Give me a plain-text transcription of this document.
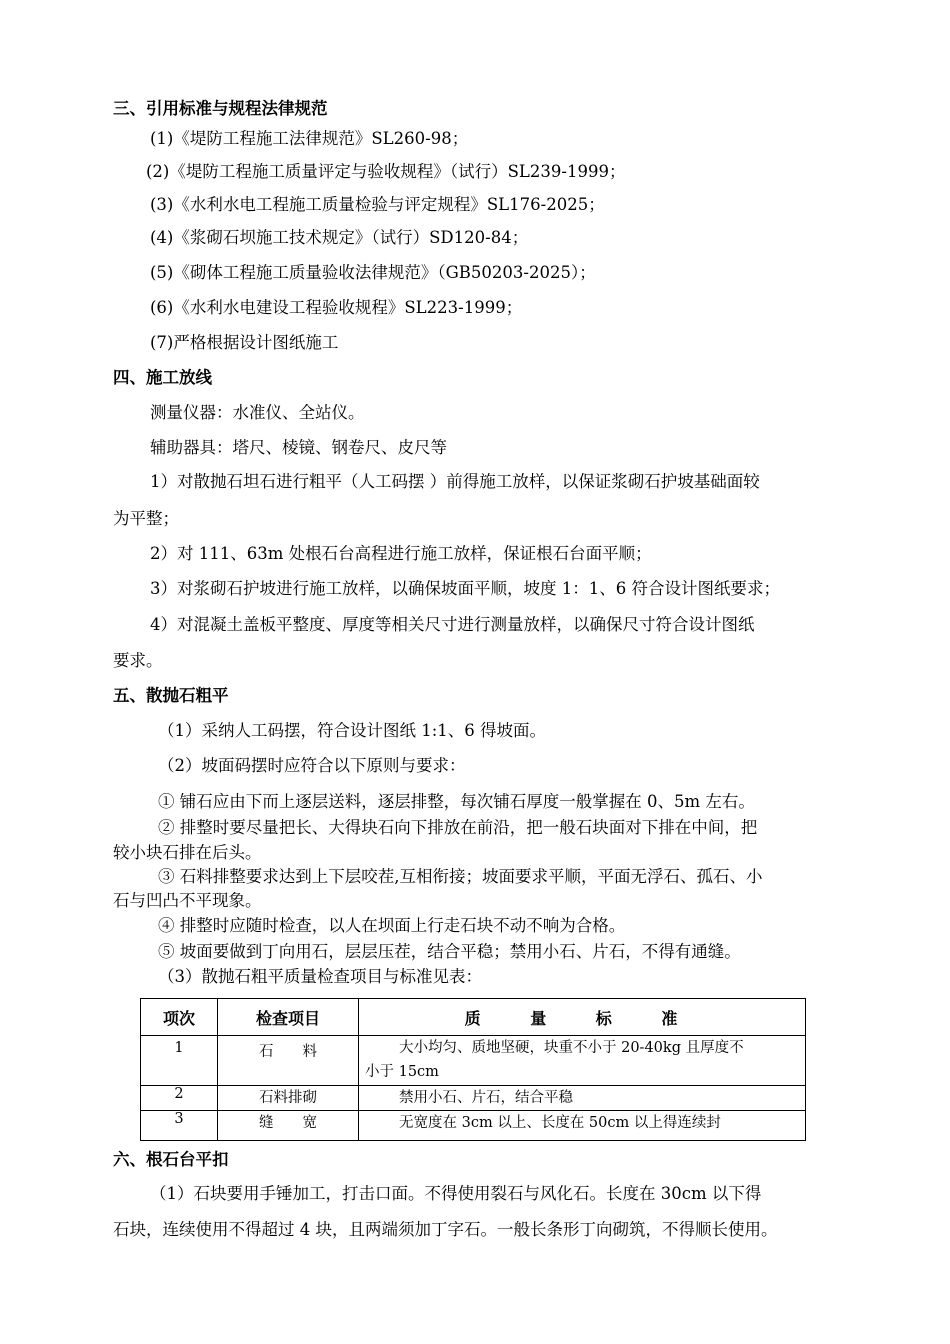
三、引用标准与规程法律规范
(1)《堤防工程施工法律规范》SL260-98；
(2)《堤防工程施工质量评定与验收规程》（试行）SL239-1999；
(3)《水利水电工程施工质量检验与评定规程》SL176-2025；
(4)《浆砌石坝施工技术规定》（试行）SD120-84；
(5)《砌体工程施工质量验收法律规范》（GB50203-2025）；
(6)《水利水电建设工程验收规程》SL223-1999；
(7)严格根据设计图纸施工
四、施工放线
测量仪器：水准仪、全站仪。
辅助器具：塔尺、棱镜、钢卷尺、皮尺等
1）对散抛石坦石进行粗平（人工码摆 ）前得施工放样，以保证浆砌石护坡基础面较
为平整；
2）对 111、63m 处根石台高程进行施工放样，保证根石台面平顺；
3）对浆砌石护坡进行施工放样，以确保坡面平顺，坡度 1：1、6 符合设计图纸要求；
4）对混凝土盖板平整度、厚度等相关尺寸进行测量放样，以确保尺寸符合设计图纸
要求。
五、散抛石粗平
（1）采纳人工码摆，符合设计图纸 1:1、6 得坡面。
（2）坡面码摆时应符合以下原则与要求：
① 铺石应由下而上逐层送料，逐层排整，每次铺石厚度一般掌握在 0、5m 左右。
② 排整时要尽量把长、大得块石向下排放在前沿，把一般石块面对下排在中间，把
较小块石排在后头。
③ 石料排整要求达到上下层咬茬,互相衔接；坡面要求平顺，平面无浮石、孤石、小
石与凹凸不平现象。
④ 排整时应随时检查，以人在坝面上行走石块不动不响为合格。
⑤ 坡面要做到丁向用石，层层压茬，结合平稳；禁用小石、片石，不得有通缝。
（3）散抛石粗平质量检查项目与标准见表：
项次	检查项目	质 量 标 准

1	石　　料	大小均匀、质地坚硬，块重不小于 20-40kg 且厚度不
小于 15cm

2	石料排砌	禁用小石、片石，结合平稳

3	缝　　宽	无宽度在 3cm 以上、长度在 50cm 以上得连续封
六、根石台平扣
（1）石块要用手锤加工，打击口面。不得使用裂石与风化石。长度在 30cm 以下得
石块，连续使用不得超过 4 块，且两端须加丁字石。一般长条形丁向砌筑，不得顺长使用。
